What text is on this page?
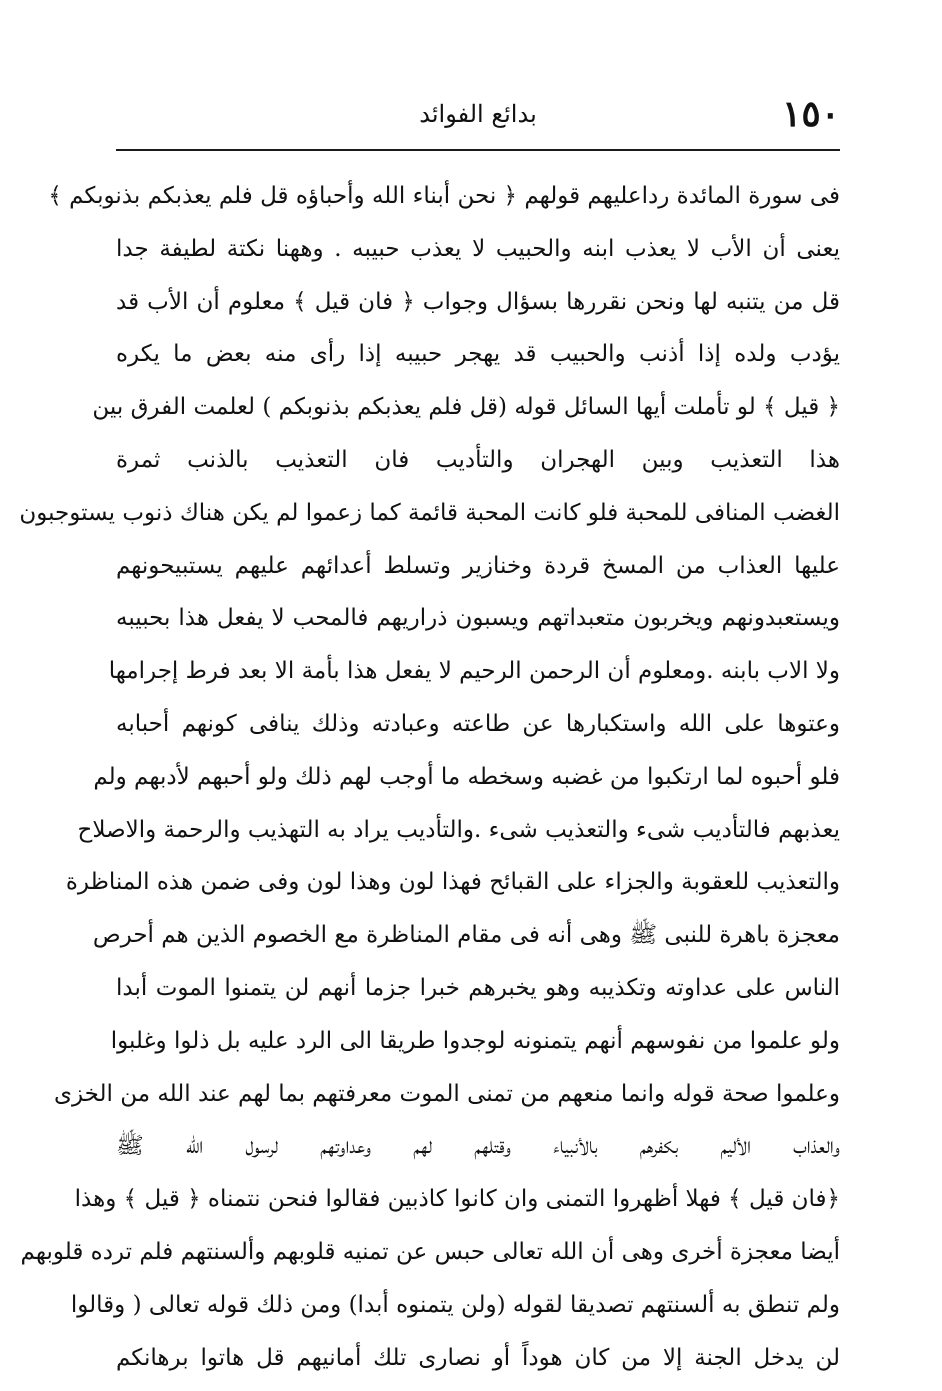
١٥٠
بدائع الفوائد
فى سورة المائدة رداعليهم قولهم ﴿ نحن أبناء الله وأحباؤه قل فلم يعذبكم بذنوبكم ﴾
يعنى أن الأب لا يعذب ابنه والحبيب لا يعذب حبيبه . وههنا نكتة لطيفة جدا
قل من يتنبه لها ونحن نقررها بسؤال وجواب ﴿ فان قيل ﴾ معلوم أن الأب قد
يؤدب ولده إذا أذنب والحبيب قد يهجر حبيبه إذا رأى منه بعض ما يكره
﴿ قيل ﴾ لو تأملت أيها السائل قوله (قل فلم يعذبكم بذنوبكم ) لعلمت الفرق بين
هذا التعذيب وبين الهجران والتأديب فان التعذيب بالذنب ثمرة
الغضب المنافى للمحبة فلو كانت المحبة قائمة كما زعموا لم يكن هناك ذنوب يستوجبون
عليها العذاب من المسخ قردة وخنازير وتسلط أعدائهم عليهم يستبيحونهم
ويستعبدونهم ويخربون متعبداتهم ويسبون ذراريهم فالمحب لا يفعل هذا بحبيبه
ولا الاب بابنه .ومعلوم أن الرحمن الرحيم لا يفعل هذا بأمة الا بعد فرط إجرامها
وعتوها على الله واستكبارها عن طاعته وعبادته وذلك ينافى كونهم أحبابه
فلو أحبوه لما ارتكبوا من غضبه وسخطه ما أوجب لهم ذلك ولو أحبهم لأدبهم ولم
يعذبهم فالتأديب شىء والتعذيب شىء .والتأديب يراد به التهذيب والرحمة والاصلاح
والتعذيب للعقوبة والجزاء على القبائح فهذا لون وهذا لون وفى ضمن هذه المناظرة
معجزة باهرة للنبى ﷺ وهى أنه فى مقام المناظرة مع الخصوم الذين هم أحرص
الناس على عداوته وتكذيبه وهو يخبرهم خبرا جزما أنهم لن يتمنوا الموت أبدا
ولو علموا من نفوسهم أنهم يتمنونه لوجدوا طريقا الى الرد عليه بل ذلوا وغلبوا
وعلموا صحة قوله وانما منعهم من تمنى الموت معرفتهم بما لهم عند الله من الخزى
والعذاب الأليم بكفرهم بالأنبياء وقتلهم لهم وعداوتهم لرسول الله ﷺ
﴿فان قيل ﴾ فهلا أظهروا التمنى وان كانوا كاذبين فقالوا فنحن نتمناه ﴿ قيل ﴾ وهذا
أيضا معجزة أخرى وهى أن الله تعالى حبس عن تمنيه قلوبهم وألسنتهم فلم ترده قلوبهم
ولم تنطق به ألسنتهم تصديقا لقوله (ولن يتمنوه أبدا) ومن ذلك قوله تعالى ( وقالوا
لن يدخل الجنة إلا من كان هوداً أو نصارى تلك أمانيهم قل هاتوا برهانكم
